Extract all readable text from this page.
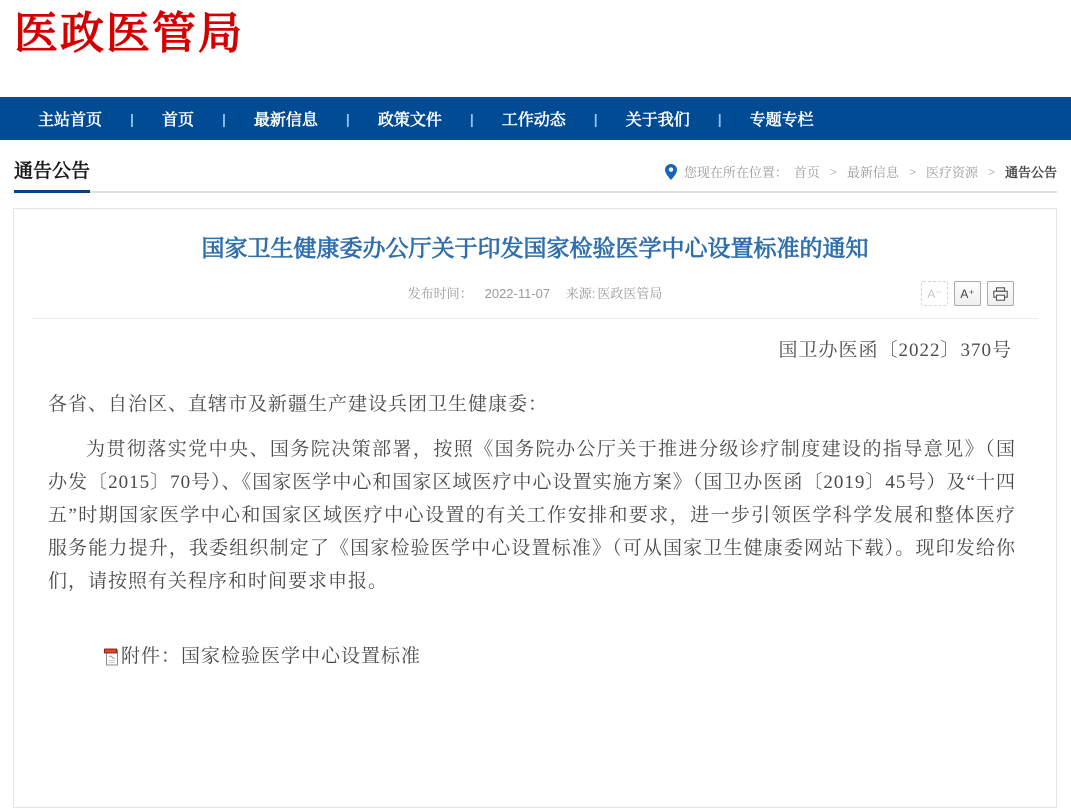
医政医管局
主站首页 | 首页 | 最新信息 | 政策文件 | 工作动态 | 关于我们 | 专题专栏
通告公告	您现在所在位置： 首页 > 最新信息 > 医疗资源 > 通告公告
国家卫生健康委办公厅关于印发国家检验医学中心设置标准的通知
发布时间： 2022-11-07 来源: 医政医管局	A⁻	A⁺
国卫办医函〔2022〕370号

各省、自治区、直辖市及新疆生产建设兵团卫生健康委：

为贯彻落实党中央、国务院决策部署，按照《国务院办公厅关于推进分级诊疗制度建设的指导意见》（国办发〔2015〕70号）、《国家医学中心和国家区域医疗中心设置实施方案》（国卫办医函〔2019〕45号）及“十四五”时期国家医学中心和国家区域医疗中心设置的有关工作安排和要求，进一步引领医学科学发展和整体医疗服务能力提升，我委组织制定了《国家检验医学中心设置标准》（可从国家卫生健康委网站下载）。现印发给你们，请按照有关程序和时间要求申报。

附件： 国家检验医学中心设置标准
